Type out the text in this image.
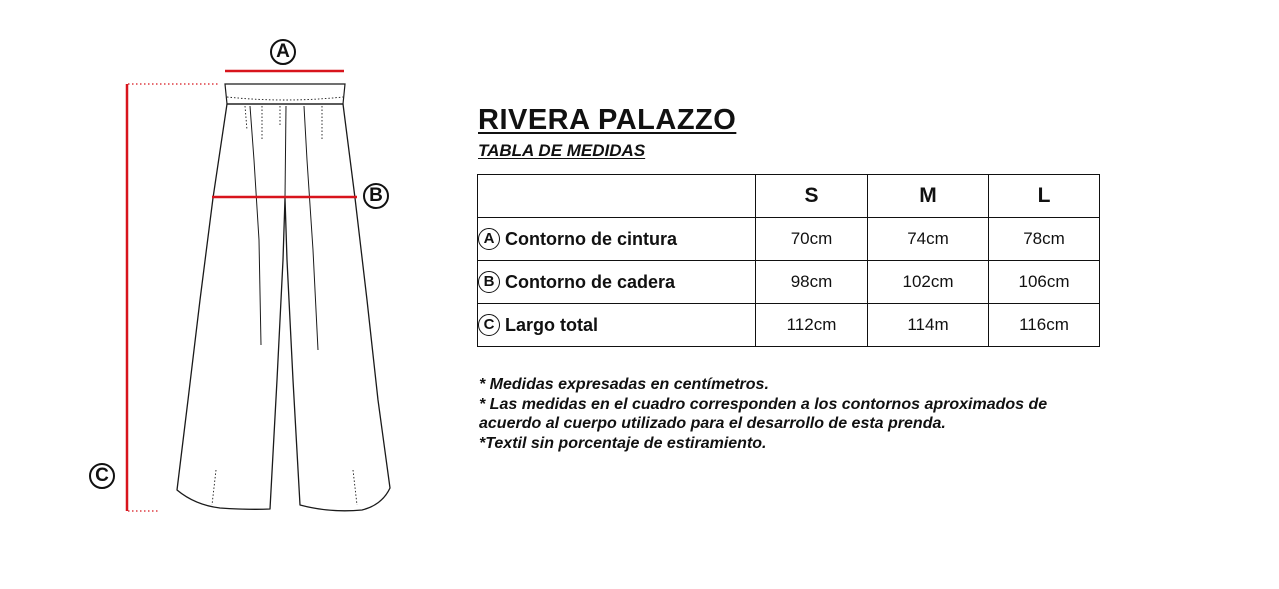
A
B
C
RIVERA PALAZZO
TABLA DE MEDIDAS
	S	M	L
A Contorno de cintura	70cm	74cm	78cm
B Contorno de cadera	98cm	102cm	106cm
C Largo total	112cm	114m	116cm

* Medidas expresadas en centímetros.

* Las medidas en el cuadro corresponden a los contornos aproximados de acuerdo al cuerpo utilizado para el desarrollo de esta prenda.

*Textil sin porcentaje de estiramiento.
